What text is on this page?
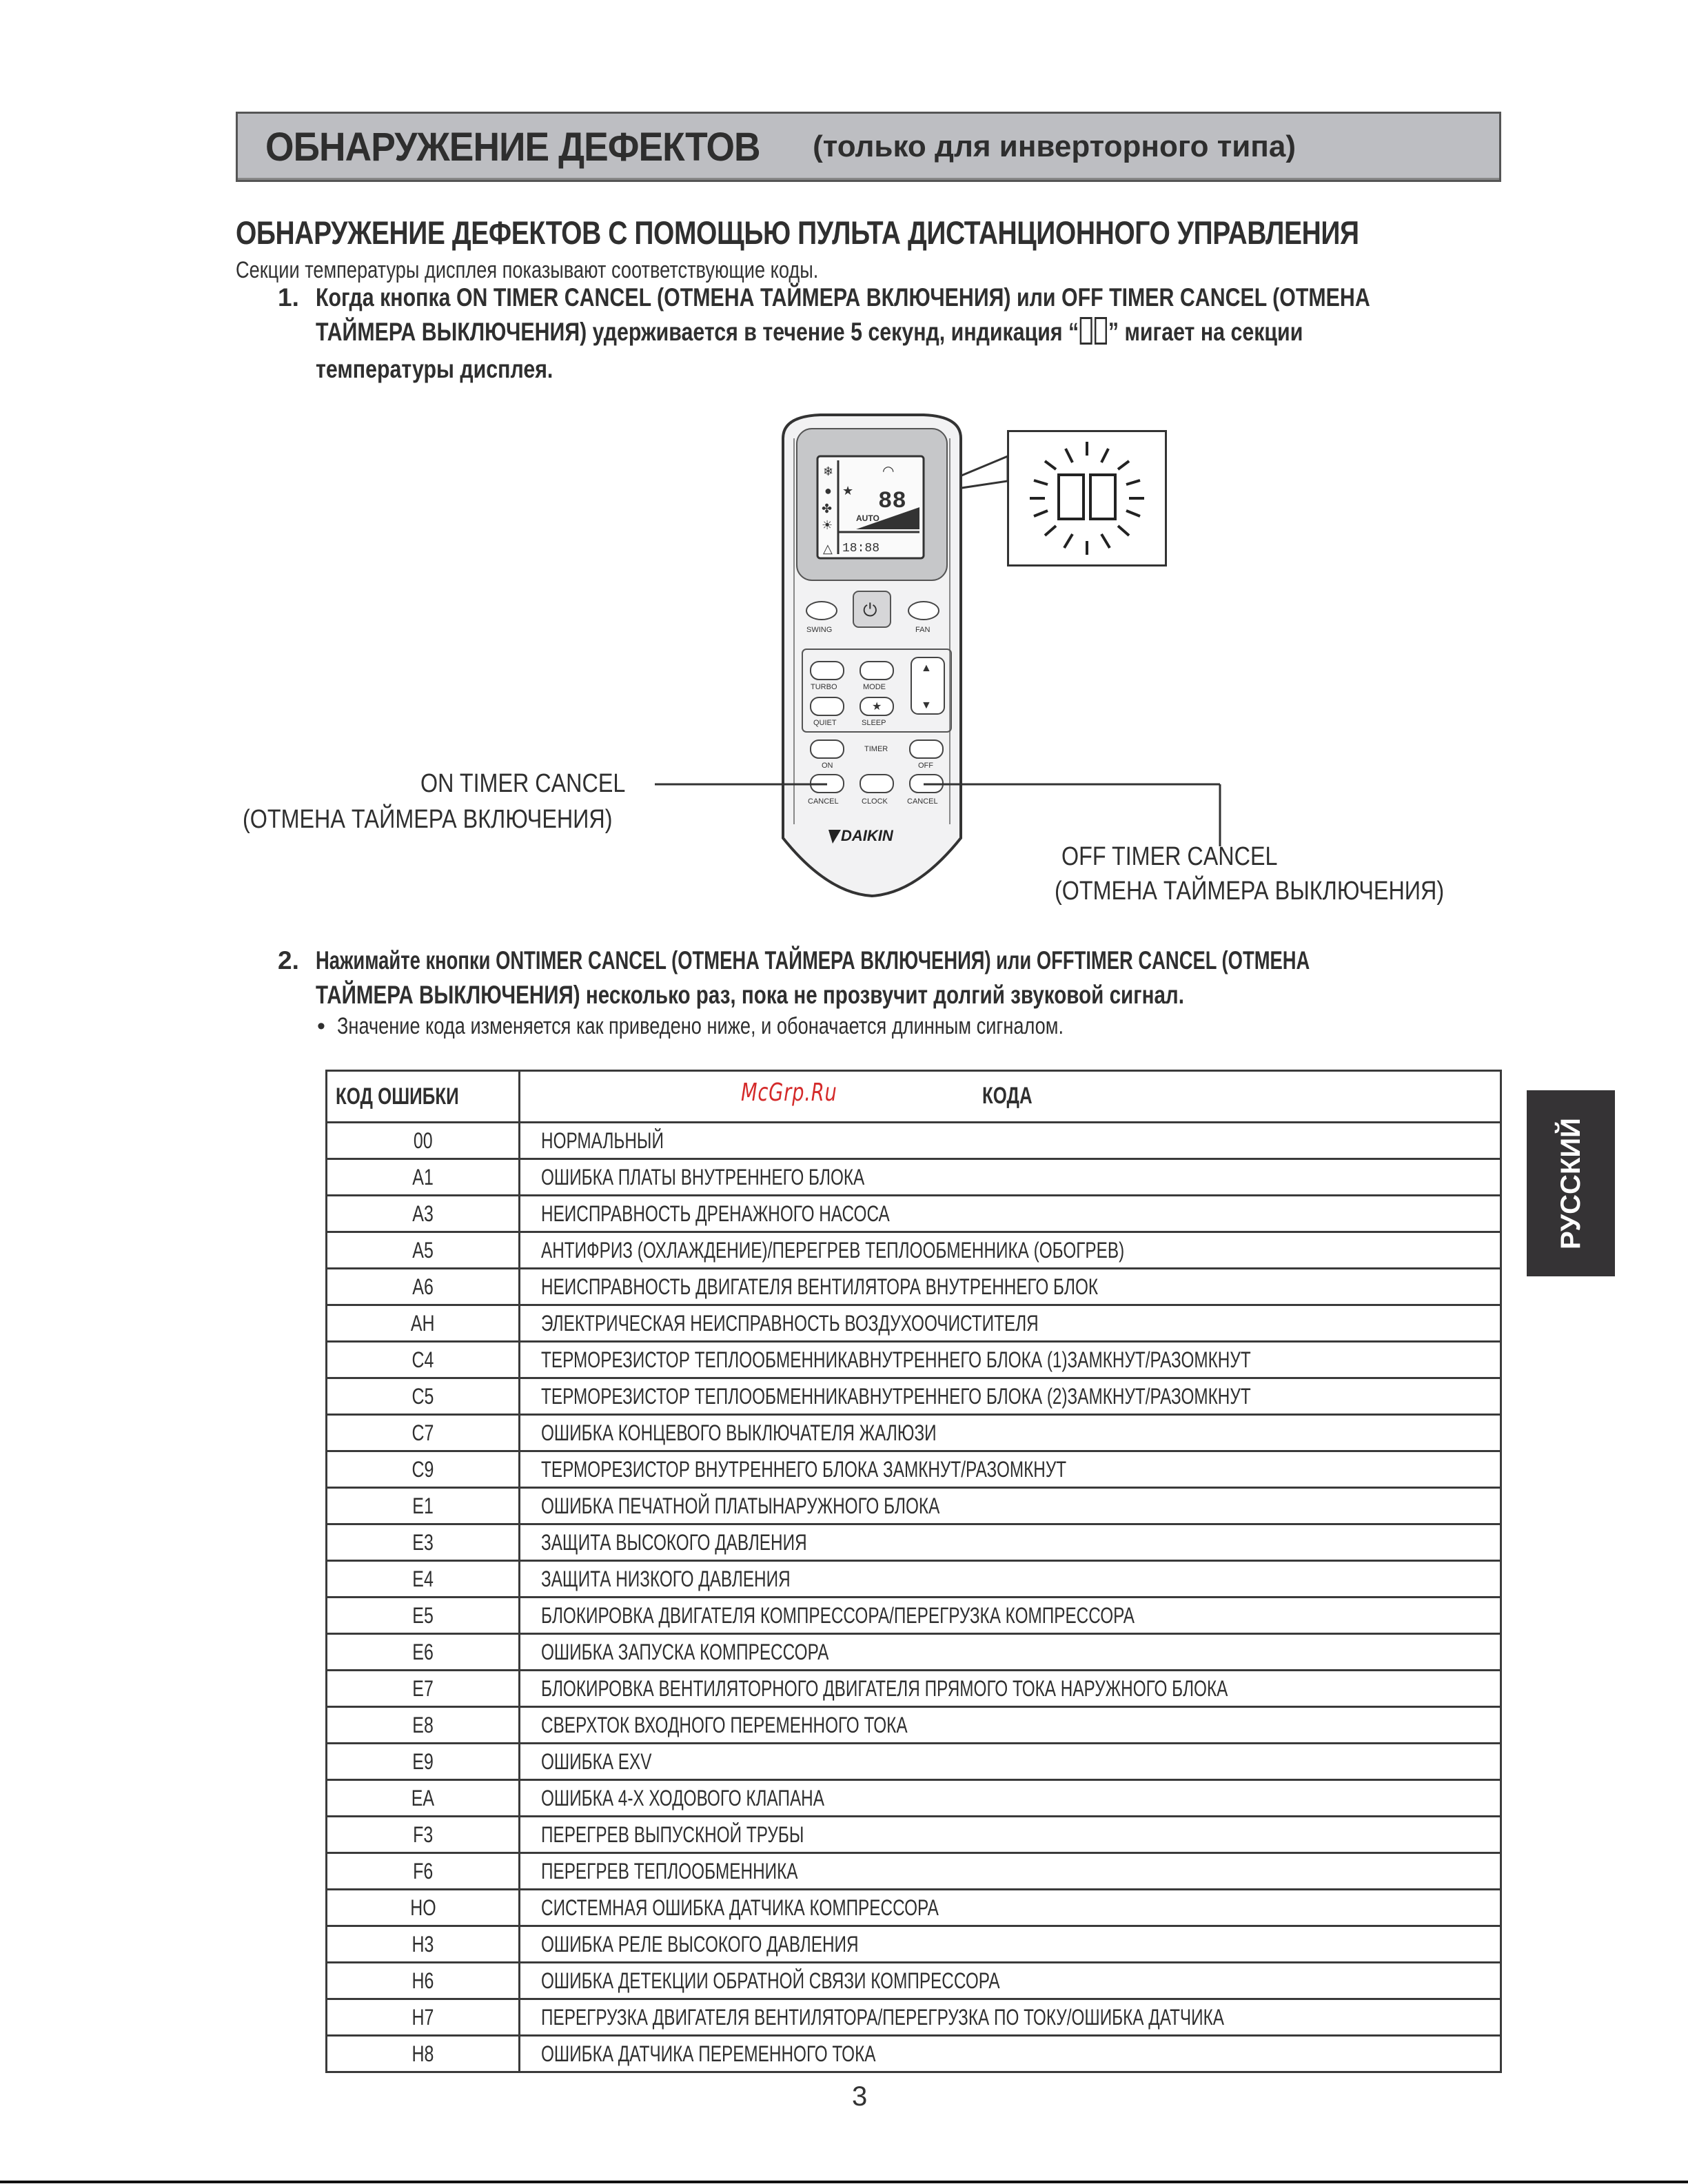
ОБНАРУЖЕНИЕ ДЕФЕКТОВ (только для инверторного типа)
ОБНАРУЖЕНИЕ ДЕФЕКТОВ С ПОМОЩЬЮ ПУЛЬТА ДИСТАНЦИОННОГО УПРАВЛЕНИЯ
Секции температуры дисплея показывают соответствующие коды.
1. Когда кнопка ON TIMER CANCEL (ОТМЕНА ТАЙМЕРА ВКЛЮЧЕНИЯ) или OFF TIMER CANCEL (ОТМЕНА
ТАЙМЕРА ВЫКЛЮЧЕНИЯ) удерживается в течение 5 секунд, индикация “ ” мигает на секции
температуры дисплея.
❄
●
✤
☀
△
★
◠
88
AUTO
18:88
⏻
SWING	FAN
▲
▼
★
TURBO	MODE
QUIET	SLEEP
TIMER
ON	OFF
CANCEL	CLOCK	CANCEL
DAIKIN
ON TIMER CANCEL
(ОТМЕНА ТАЙМЕРА ВКЛЮЧЕНИЯ)
OFF TIMER CANCEL
(ОТМЕНА ТАЙМЕРА ВЫКЛЮЧЕНИЯ)
2. Нажимайте кнопки ONTIMER CANCEL (ОТМЕНА ТАЙМЕРА ВКЛЮЧЕНИЯ) или OFFTIMER CANCEL (ОТМЕНА
ТАЙМЕРА ВЫКЛЮЧЕНИЯ) несколько раз, пока не прозвучит долгий звуковой сигнал.
• Значение кода изменяется как приведено ниже, и обоначается длинным сигналом.
КОД ОШИБКИ	McGrp.Ru КОДА

00	НОРМАЛЬНЫЙ
A1	ОШИБКА ПЛАТЫ ВНУТРЕННЕГО БЛОКА
A3	НЕИСПРАВНОСТЬ ДРЕНАЖНОГО НАСОСА
A5	АНТИФРИЗ (ОХЛАЖДЕНИЕ)/ПЕРЕГРЕВ ТЕПЛООБМЕННИКА (ОБОГРЕВ)
A6	НЕИСПРАВНОСТЬ ДВИГАТЕЛЯ ВЕНТИЛЯТОРА ВНУТРЕННЕГО БЛОК
AH	ЭЛЕКТРИЧЕСКАЯ НЕИСПРАВНОСТЬ ВОЗДУХООЧИСТИТЕЛЯ
C4	ТЕРМОРЕЗИСТОР ТЕПЛООБМЕННИКАВНУТРЕННЕГО БЛОКА (1)ЗАМКНУТ/РАЗОМКНУТ
C5	ТЕРМОРЕЗИСТОР ТЕПЛООБМЕННИКАВНУТРЕННЕГО БЛОКА (2)ЗАМКНУТ/РАЗОМКНУТ
C7	ОШИБКА КОНЦЕВОГО ВЫКЛЮЧАТЕЛЯ ЖАЛЮЗИ
C9	ТЕРМОРЕЗИСТОР ВНУТРЕННЕГО БЛОКА ЗАМКНУТ/РАЗОМКНУТ
E1	ОШИБКА ПЕЧАТНОЙ ПЛАТЫНАРУЖНОГО БЛОКА
E3	ЗАЩИТА ВЫСОКОГО ДАВЛЕНИЯ
E4	ЗАЩИТА НИЗКОГО ДАВЛЕНИЯ
E5	БЛОКИРОВКА ДВИГАТЕЛЯ КОМПРЕССОРА/ПЕРЕГРУЗКА КОМПРЕССОРА
E6	ОШИБКА ЗАПУСКА КОМПРЕССОРА
E7	БЛОКИРОВКА ВЕНТИЛЯТОРНОГО ДВИГАТЕЛЯ ПРЯМОГО ТОКА НАРУЖНОГО БЛОКА
E8	СВЕРХТОК ВХОДНОГО ПЕРЕМЕННОГО ТОКА
E9	ОШИБКА EXV
EA	ОШИБКА 4-Х ХОДОВОГО КЛАПАНА
F3	ПЕРЕГРЕВ ВЫПУСКНОЙ ТРУБЫ
F6	ПЕРЕГРЕВ ТЕПЛООБМЕННИКА
HO	СИСТЕМНАЯ ОШИБКА ДАТЧИКА КОМПРЕССОРА
H3	ОШИБКА РЕЛЕ ВЫСОКОГО ДАВЛЕНИЯ
H6	ОШИБКА ДЕТЕКЦИИ ОБРАТНОЙ СВЯЗИ КОМПРЕССОРА
H7	ПЕРЕГРУЗКА ДВИГАТЕЛЯ ВЕНТИЛЯТОРА/ПЕРЕГРУЗКА ПО ТОКУ/ОШИБКА ДАТЧИКА
H8	ОШИБКА ДАТЧИКА ПЕРЕМЕННОГО ТОКА
РУССКИЙ
3
